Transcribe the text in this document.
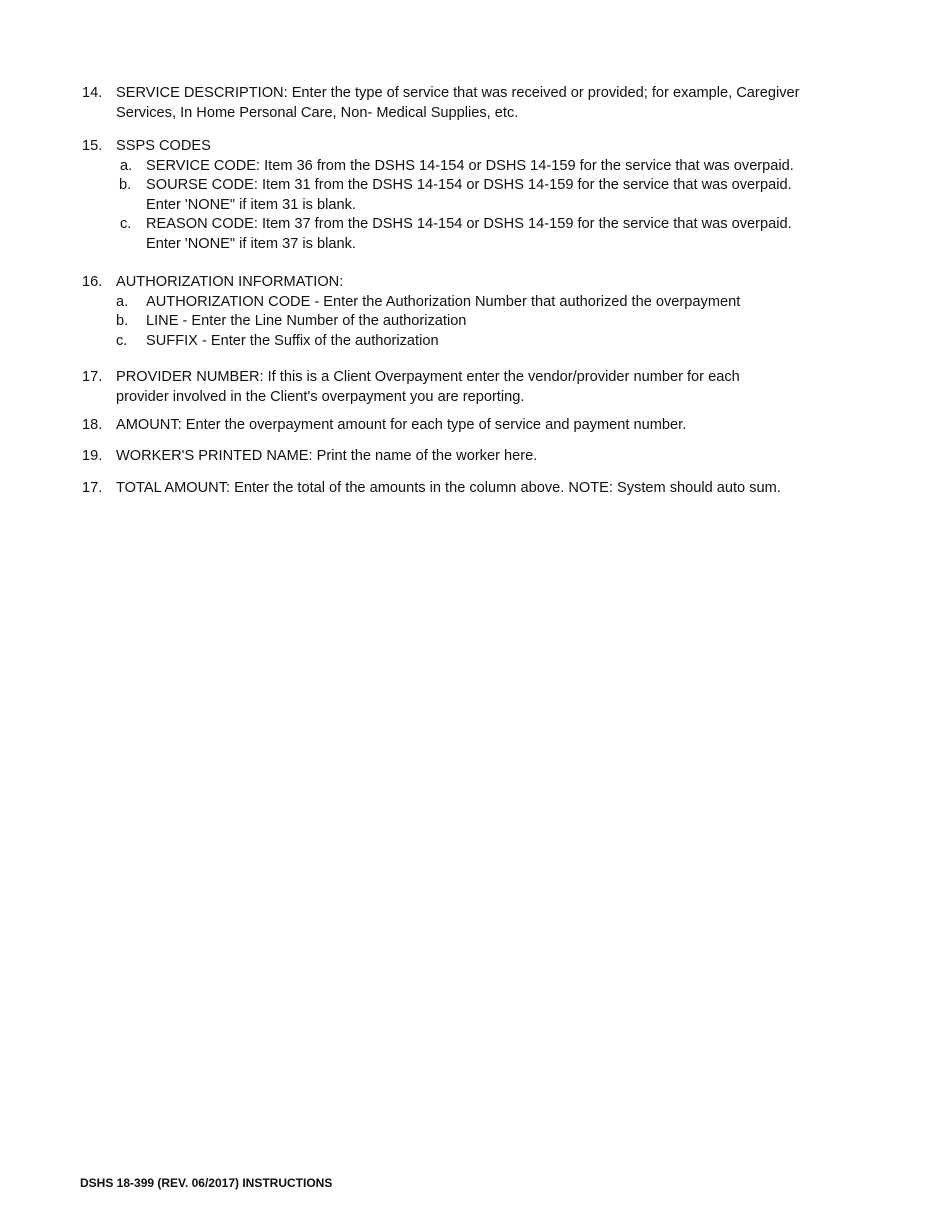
14. SERVICE DESCRIPTION: Enter the type of service that was received or provided; for example, Caregiver
Services, In Home Personal Care, Non- Medical Supplies, etc.
15. SSPS CODES
a. SERVICE CODE: Item 36 from the DSHS 14-154 or DSHS 14-159 for the service that was overpaid.
b.	SOURSE CODE: Item 31 from the DSHS 14-154 or DSHS 14-159 for the service that was overpaid.
Enter 'NONE" if item 31 is blank.
c.	REASON CODE: Item 37 from the DSHS 14-154 or DSHS 14-159 for the service that was overpaid.
Enter 'NONE" if item 37 is blank.
16. AUTHORIZATION INFORMATION:
a.	AUTHORIZATION CODE - Enter the Authorization Number that authorized the overpayment
b.	LINE - Enter the Line Number of the authorization
c.	SUFFIX - Enter the Suffix of the authorization
17. PROVIDER NUMBER: If this is a Client Overpayment enter the vendor/provider number for each
provider involved in the Client's overpayment you are reporting.
18. AMOUNT: Enter the overpayment amount for each type of service and payment number.
19. WORKER'S PRINTED NAME: Print the name of the worker here.
17. TOTAL AMOUNT: Enter the total of the amounts in the column above. NOTE: System should auto sum.
DSHS 18-399 (REV. 06/2017) INSTRUCTIONS
